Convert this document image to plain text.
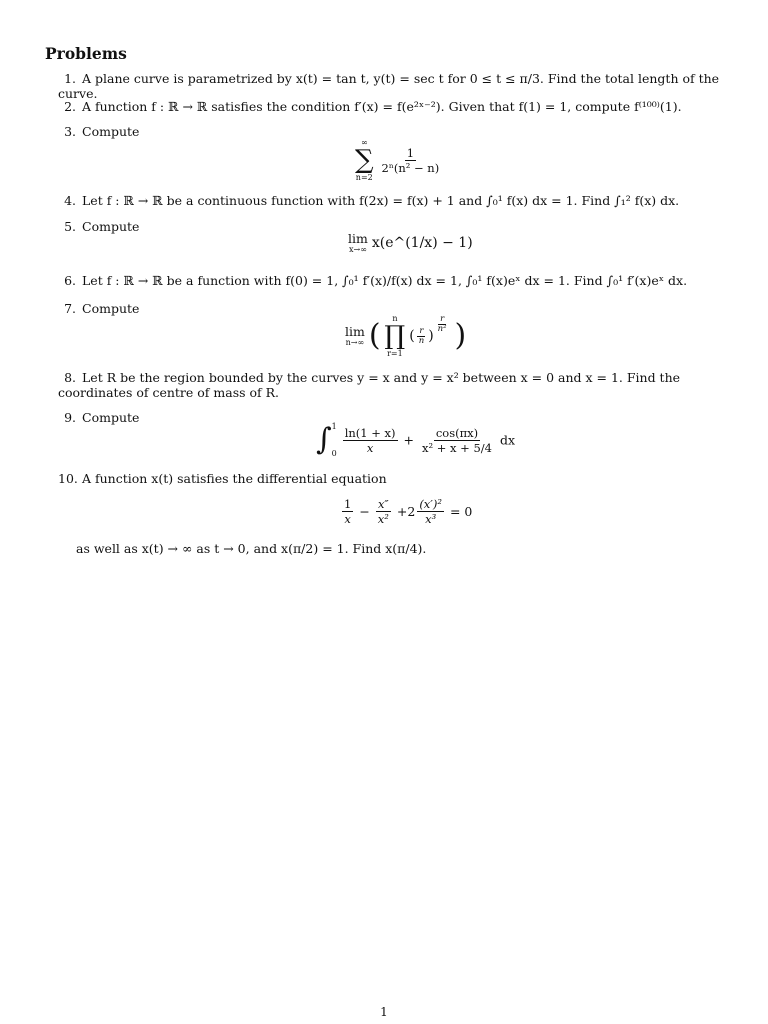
Problems
1. A plane curve is parametrized by x(t) = tan t, y(t) = sec t for 0 ≤ t ≤ π/3. Find the total length of the curve.
2. A function f : ℝ → ℝ satisfies the condition f′(x) = f(e²ˣ⁻²). Given that f(1) = 1, compute f⁽¹⁰⁰⁾(1).
3. Compute
∞
∑
n=2

$\frac{1}{\text{2ⁿ(n² − n)}}$
4. Let f : ℝ → ℝ be a continuous function with f(2x) = f(x) + 1 and ∫₀¹ f(x) dx = 1. Find ∫₁² f(x) dx.
5. Compute
lim
x→∞ x(e^(1/x) − 1)
6. Let f : ℝ → ℝ be a function with f(0) = 1, ∫₀¹ f′(x)/f(x) dx = 1, ∫₀¹ f(x)eˣ dx = 1. Find ∫₀¹ f′(x)eˣ dx.
7. Compute
lim
n→∞ ( n
∏
r=1
( $\frac{r}{n}$ )
$\frac{r}{\text{n²}}$ )
8. Let R be the region bounded by the curves y = x and y = x² between x = 0 and x = 1. Find the coordinates of centre of mass of R.
9. Compute
∫ 1
0
$\frac{\ln(1 + x)}{x} + \frac{\cos(\pi x)}{\text{x² + x + 5/4}}$ dx
10. A function x(t) satisfies the differential equation
$\frac{1}{x} - \frac{x''}{\text{x²}} +2 \frac{\text{(x′)²}}{\text{x³}} = 0$
as well as x(t) → ∞ as t → 0, and x(π/2) = 1. Find x(π/4).
1
